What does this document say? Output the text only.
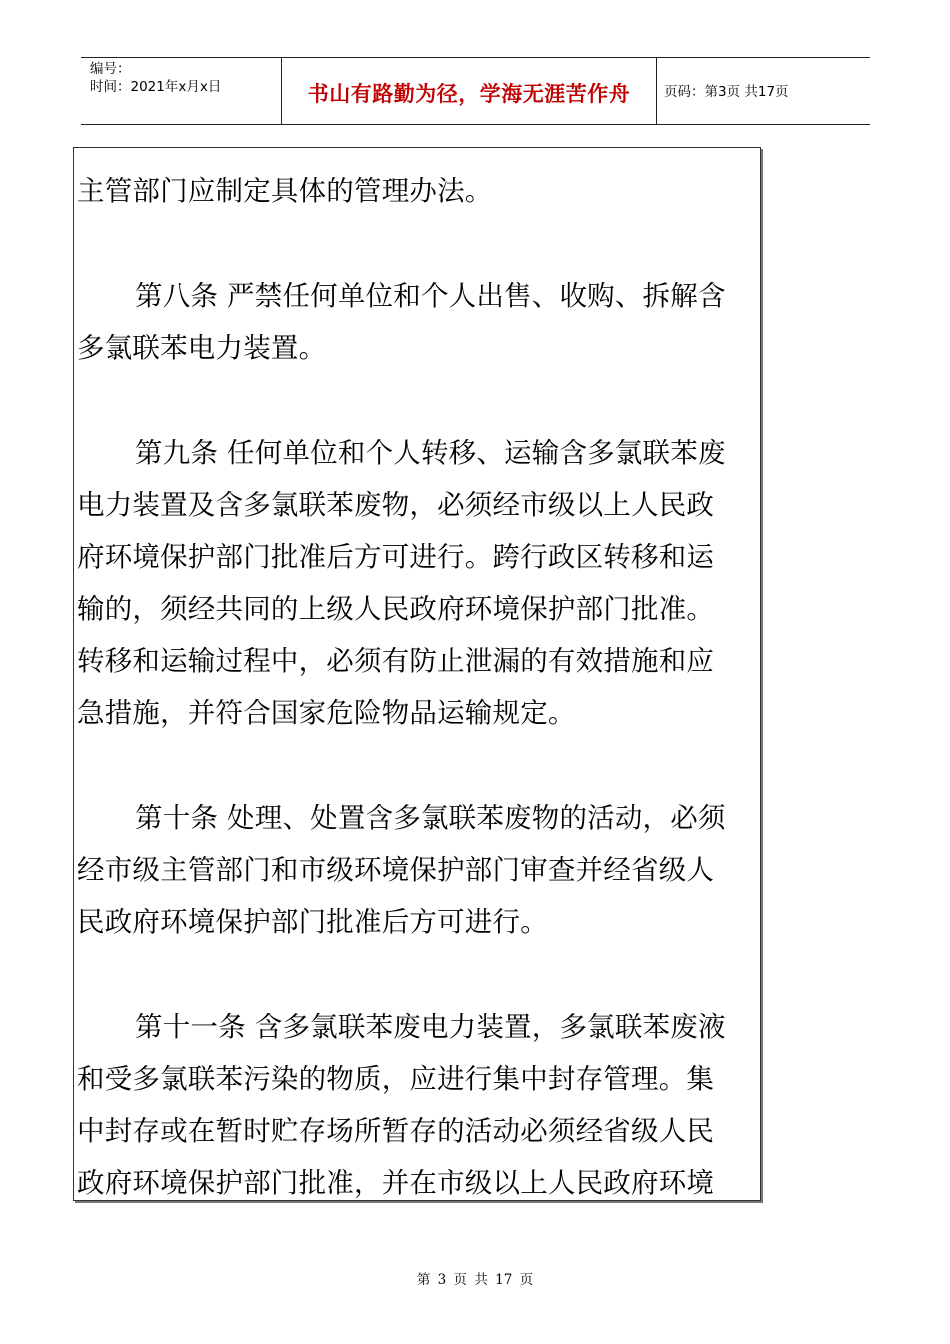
编号：
时间：2021年x月x日	书山有路勤为径，学海无涯苦作舟	页码：第3页 共17页
主管部门应制定具体的管理办法。
第八条 严禁任何单位和个人出售、收购、拆解含
多氯联苯电力装置。
第九条 任何单位和个人转移、运输含多氯联苯废
电力装置及含多氯联苯废物，必须经市级以上人民政
府环境保护部门批准后方可进行。跨行政区转移和运
输的，须经共同的上级人民政府环境保护部门批准。
转移和运输过程中，必须有防止泄漏的有效措施和应
急措施，并符合国家危险物品运输规定。
第十条 处理、处置含多氯联苯废物的活动，必须
经市级主管部门和市级环境保护部门审查并经省级人
民政府环境保护部门批准后方可进行。
第十一条 含多氯联苯废电力装置，多氯联苯废液
和受多氯联苯污染的物质，应进行集中封存管理。集
中封存或在暂时贮存场所暂存的活动必须经省级人民
政府环境保护部门批准，并在市级以上人民政府环境
第 3 页 共 17 页
